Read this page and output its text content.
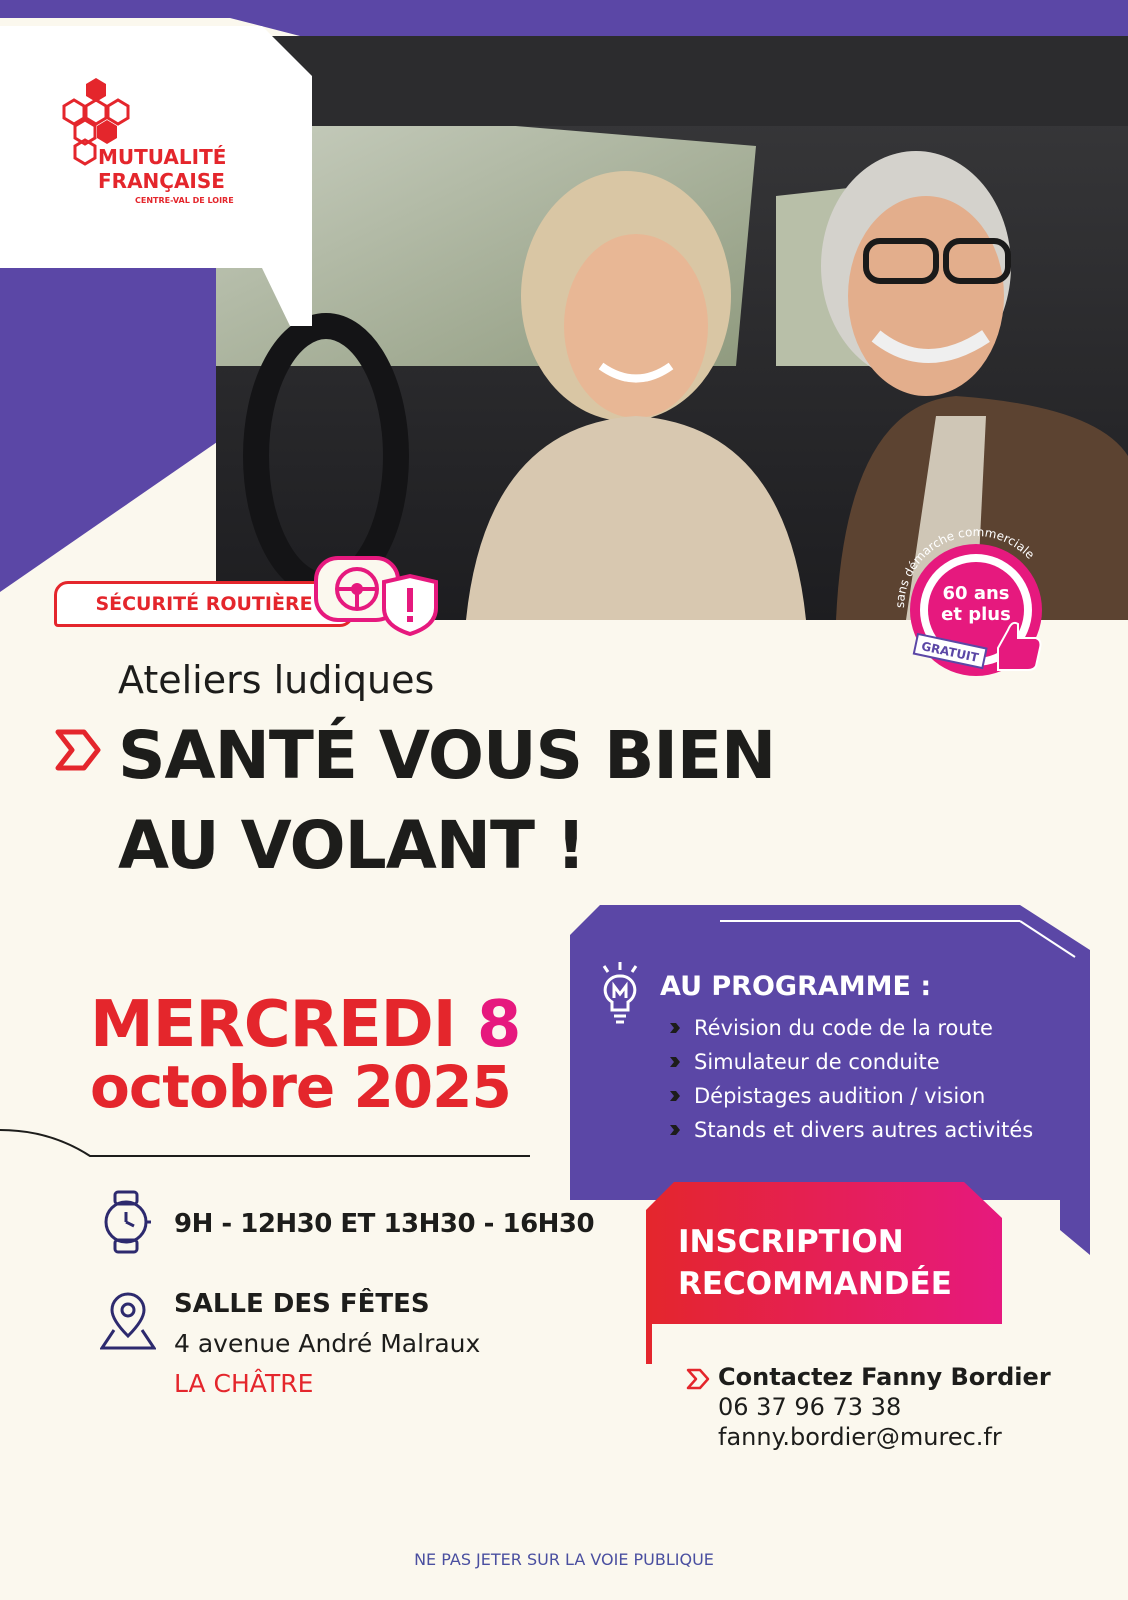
MUTUALITÉ
FRANÇAISE
CENTRE-VAL DE LOIRE
SÉCURITÉ ROUTIÈRE	sans démarche commerciale
GRATUIT
60 ans
et plus
Ateliers ludiques
SANTÉ VOUS BIEN
AU VOLANT !
MERCREDI 8
octobre 2025
9H - 12H30 ET 13H30 - 16H30
SALLE DES FÊTES
4 avenue André Malraux
LA CHÂTRE
AU PROGRAMME :
Révision du code de la route
Simulateur de conduite
Dépistages audition / vision
Stands et divers autres activités
INSCRIPTION
RECOMMANDÉE
Contactez Fanny Bordier
06 37 96 73 38
fanny.bordier@murec.fr
NE PAS JETER SUR LA VOIE PUBLIQUE
